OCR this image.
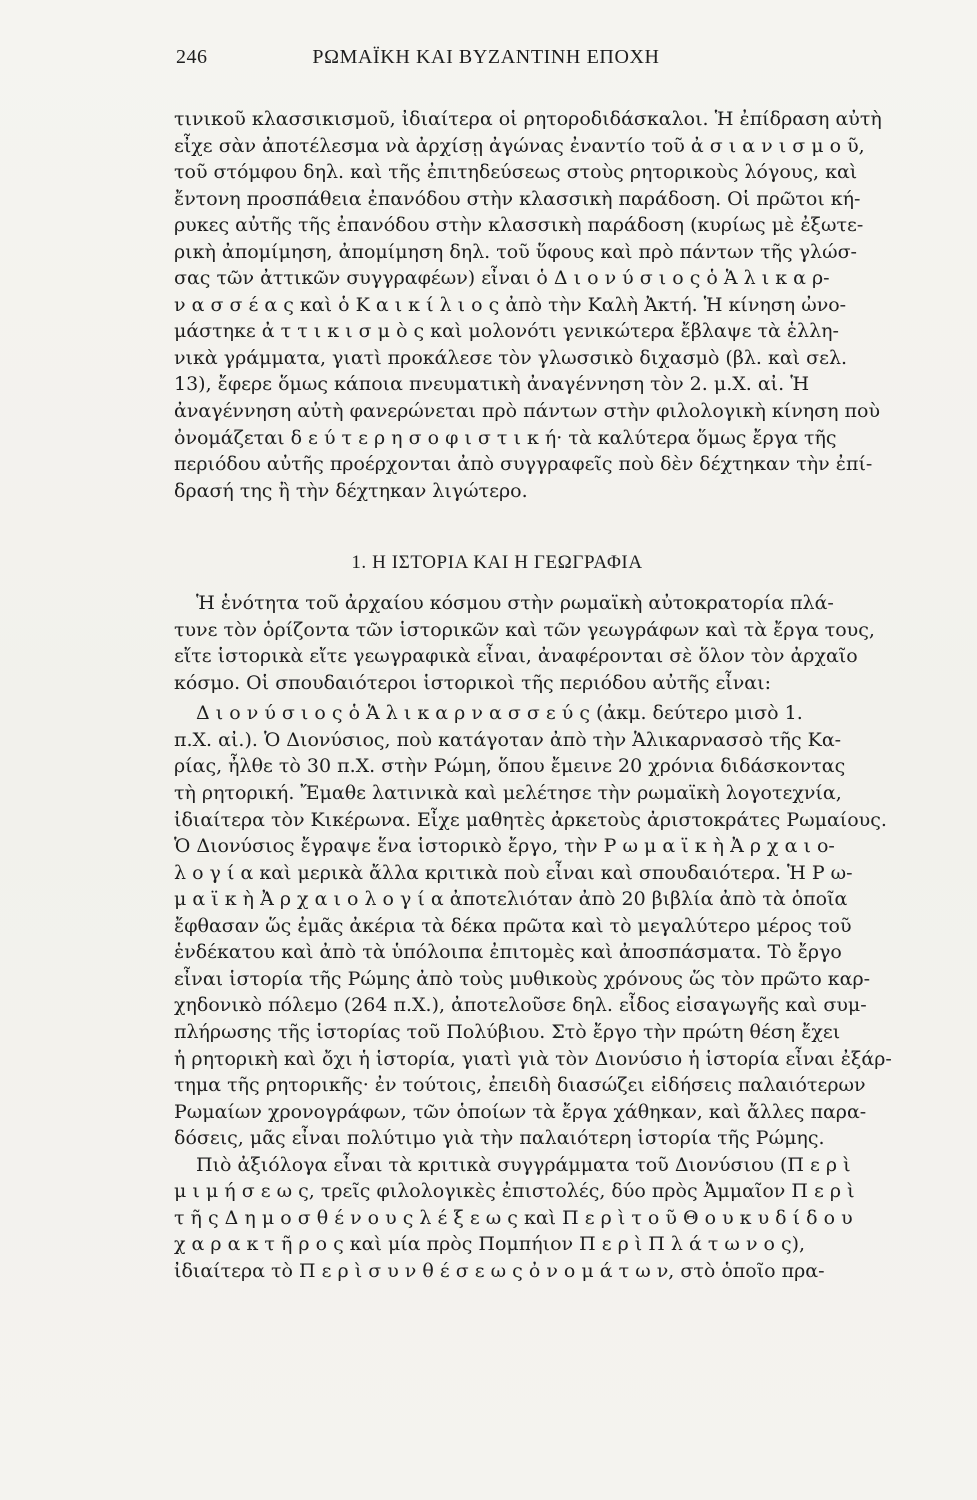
246	ΡΩΜΑΪΚΗ ΚΑΙ ΒΥΖΑΝΤΙΝΗ ΕΠΟΧΗ
τινικοῦ κλασσικισμοῦ, ἰδιαίτερα οἱ ρητοροδιδάσκαλοι. Ἡ ἐπίδραση αὐτὴ
εἶχε σὰν ἀποτέλεσμα νὰ ἀρχίσῃ ἀγώνας ἐναντίο τοῦ ἀ σ ι α ν ι σ μ ο ῦ,
τοῦ στόμφου δηλ. καὶ τῆς ἐπιτηδεύσεως στοὺς ρητορικοὺς λόγους, καὶ
ἔντονη προσπάθεια ἐπανόδου στὴν κλασσικὴ παράδοση. Οἱ πρῶτοι κή-
ρυκες αὐτῆς τῆς ἐπανόδου στὴν κλασσικὴ παράδοση (κυρίως μὲ ἐξωτε-
ρικὴ ἀπομίμηση, ἀπομίμηση δηλ. τοῦ ὕφους καὶ πρὸ πάντων τῆς γλώσ-
σας τῶν ἀττικῶν συγγραφέων) εἶναι ὁ Δ ι ο ν ύ σ ι ο ς ὁ Ἁ λ ι κ α ρ-
ν α σ σ έ α ς καὶ ὁ Κ α ι κ ί λ ι ο ς ἀπὸ τὴν Καλὴ Ἀκτή. Ἡ κίνηση ὠνο-
μάστηκε ἀ τ τ ι κ ι σ μ ὸ ς καὶ μολονότι γενικώτερα ἔβλαψε τὰ ἑλλη-
νικὰ γράμματα, γιατὶ προκάλεσε τὸν γλωσσικὸ διχασμὸ (βλ. καὶ σελ.
13), ἔφερε ὅμως κάποια πνευματικὴ ἀναγέννηση τὸν 2. μ.Χ. αἰ. Ἡ
ἀναγέννηση αὐτὴ φανερώνεται πρὸ πάντων στὴν φιλολογικὴ κίνηση ποὺ
ὀνομάζεται δ ε ύ τ ε ρ η σ ο φ ι σ τ ι κ ή· τὰ καλύτερα ὅμως ἔργα τῆς
περιόδου αὐτῆς προέρχονται ἀπὸ συγγραφεῖς ποὺ δὲν δέχτηκαν τὴν ἐπί-
δρασή της ἢ τὴν δέχτηκαν λιγώτερο.
1. Η ΙΣΤΟΡΙΑ ΚΑΙ Η ΓΕΩΓΡΑΦΙΑ
Ἡ ἑνότητα τοῦ ἀρχαίου κόσμου στὴν ρωμαϊκὴ αὐτοκρατορία πλά-
τυνε τὸν ὁρίζοντα τῶν ἱστορικῶν καὶ τῶν γεωγράφων καὶ τὰ ἔργα τους,
εἴτε ἱστορικὰ εἴτε γεωγραφικὰ εἶναι, ἀναφέρονται σὲ ὅλον τὸν ἀρχαῖο
κόσμο. Οἱ σπουδαιότεροι ἱστορικοὶ τῆς περιόδου αὐτῆς εἶναι:
Δ ι ο ν ύ σ ι ο ς ὁ Ἁ λ ι κ α ρ ν α σ σ ε ύ ς (ἀκμ. δεύτερο μισὸ 1.
π.Χ. αἰ.). Ὁ Διονύσιος, ποὺ κατάγοταν ἀπὸ τὴν Ἁλικαρνασσὸ τῆς Κα-
ρίας, ἦλθε τὸ 30 π.Χ. στὴν Ρώμη, ὅπου ἔμεινε 20 χρόνια διδάσκοντας
τὴ ρητορική. Ἔμαθε λατινικὰ καὶ μελέτησε τὴν ρωμαϊκὴ λογοτεχνία,
ἰδιαίτερα τὸν Κικέρωνα. Εἶχε μαθητὲς ἀρκετοὺς ἀριστοκράτες Ρωμαίους.
Ὁ Διονύσιος ἔγραψε ἕνα ἱστορικὸ ἔργο, τὴν Ρ ω μ α ϊ κ ὴ Ἀ ρ χ α ι ο-
λ ο γ ί α καὶ μερικὰ ἄλλα κριτικὰ ποὺ εἶναι καὶ σπουδαιότερα. Ἡ Ρ ω-
μ α ϊ κ ὴ Ἀ ρ χ α ι ο λ ο γ ί α ἀποτελιόταν ἀπὸ 20 βιβλία ἀπὸ τὰ ὁποῖα
ἔφθασαν ὥς ἐμᾶς ἀκέρια τὰ δέκα πρῶτα καὶ τὸ μεγαλύτερο μέρος τοῦ
ἑνδέκατου καὶ ἀπὸ τὰ ὑπόλοιπα ἐπιτομὲς καὶ ἀποσπάσματα. Τὸ ἔργο
εἶναι ἱστορία τῆς Ρώμης ἀπὸ τοὺς μυθικοὺς χρόνους ὥς τὸν πρῶτο καρ-
χηδονικὸ πόλεμο (264 π.Χ.), ἀποτελοῦσε δηλ. εἶδος εἰσαγωγῆς καὶ συμ-
πλήρωσης τῆς ἱστορίας τοῦ Πολύβιου. Στὸ ἔργο τὴν πρώτη θέση ἔχει
ἡ ρητορικὴ καὶ ὄχι ἡ ἱστορία, γιατὶ γιὰ τὸν Διονύσιο ἡ ἱστορία εἶναι ἐξάρ-
τημα τῆς ρητορικῆς· ἐν τούτοις, ἐπειδὴ διασώζει εἰδήσεις παλαιότερων
Ρωμαίων χρονογράφων, τῶν ὁποίων τὰ ἔργα χάθηκαν, καὶ ἄλλες παρα-
δόσεις, μᾶς εἶναι πολύτιμο γιὰ τὴν παλαιότερη ἱστορία τῆς Ρώμης.
Πιὸ ἀξιόλογα εἶναι τὰ κριτικὰ συγγράμματα τοῦ Διονύσιου (Π ε ρ ὶ
μ ι μ ή σ ε ω ς, τρεῖς φιλολογικὲς ἐπιστολές, δύο πρὸς Ἀμμαῖον Π ε ρ ὶ
τ ῆ ς Δ η μ ο σ θ έ ν ο υ ς λ έ ξ ε ω ς καὶ Π ε ρ ὶ τ ο ῦ Θ ο υ κ υ δ ί δ ο υ
χ α ρ α κ τ ῆ ρ ο ς καὶ μία πρὸς Πομπήιον Π ε ρ ὶ Π λ ά τ ω ν ο ς),
ἰδιαίτερα τὸ Π ε ρ ὶ σ υ ν θ έ σ ε ω ς ὀ ν ο μ ά τ ω ν, στὸ ὁποῖο πρα-
